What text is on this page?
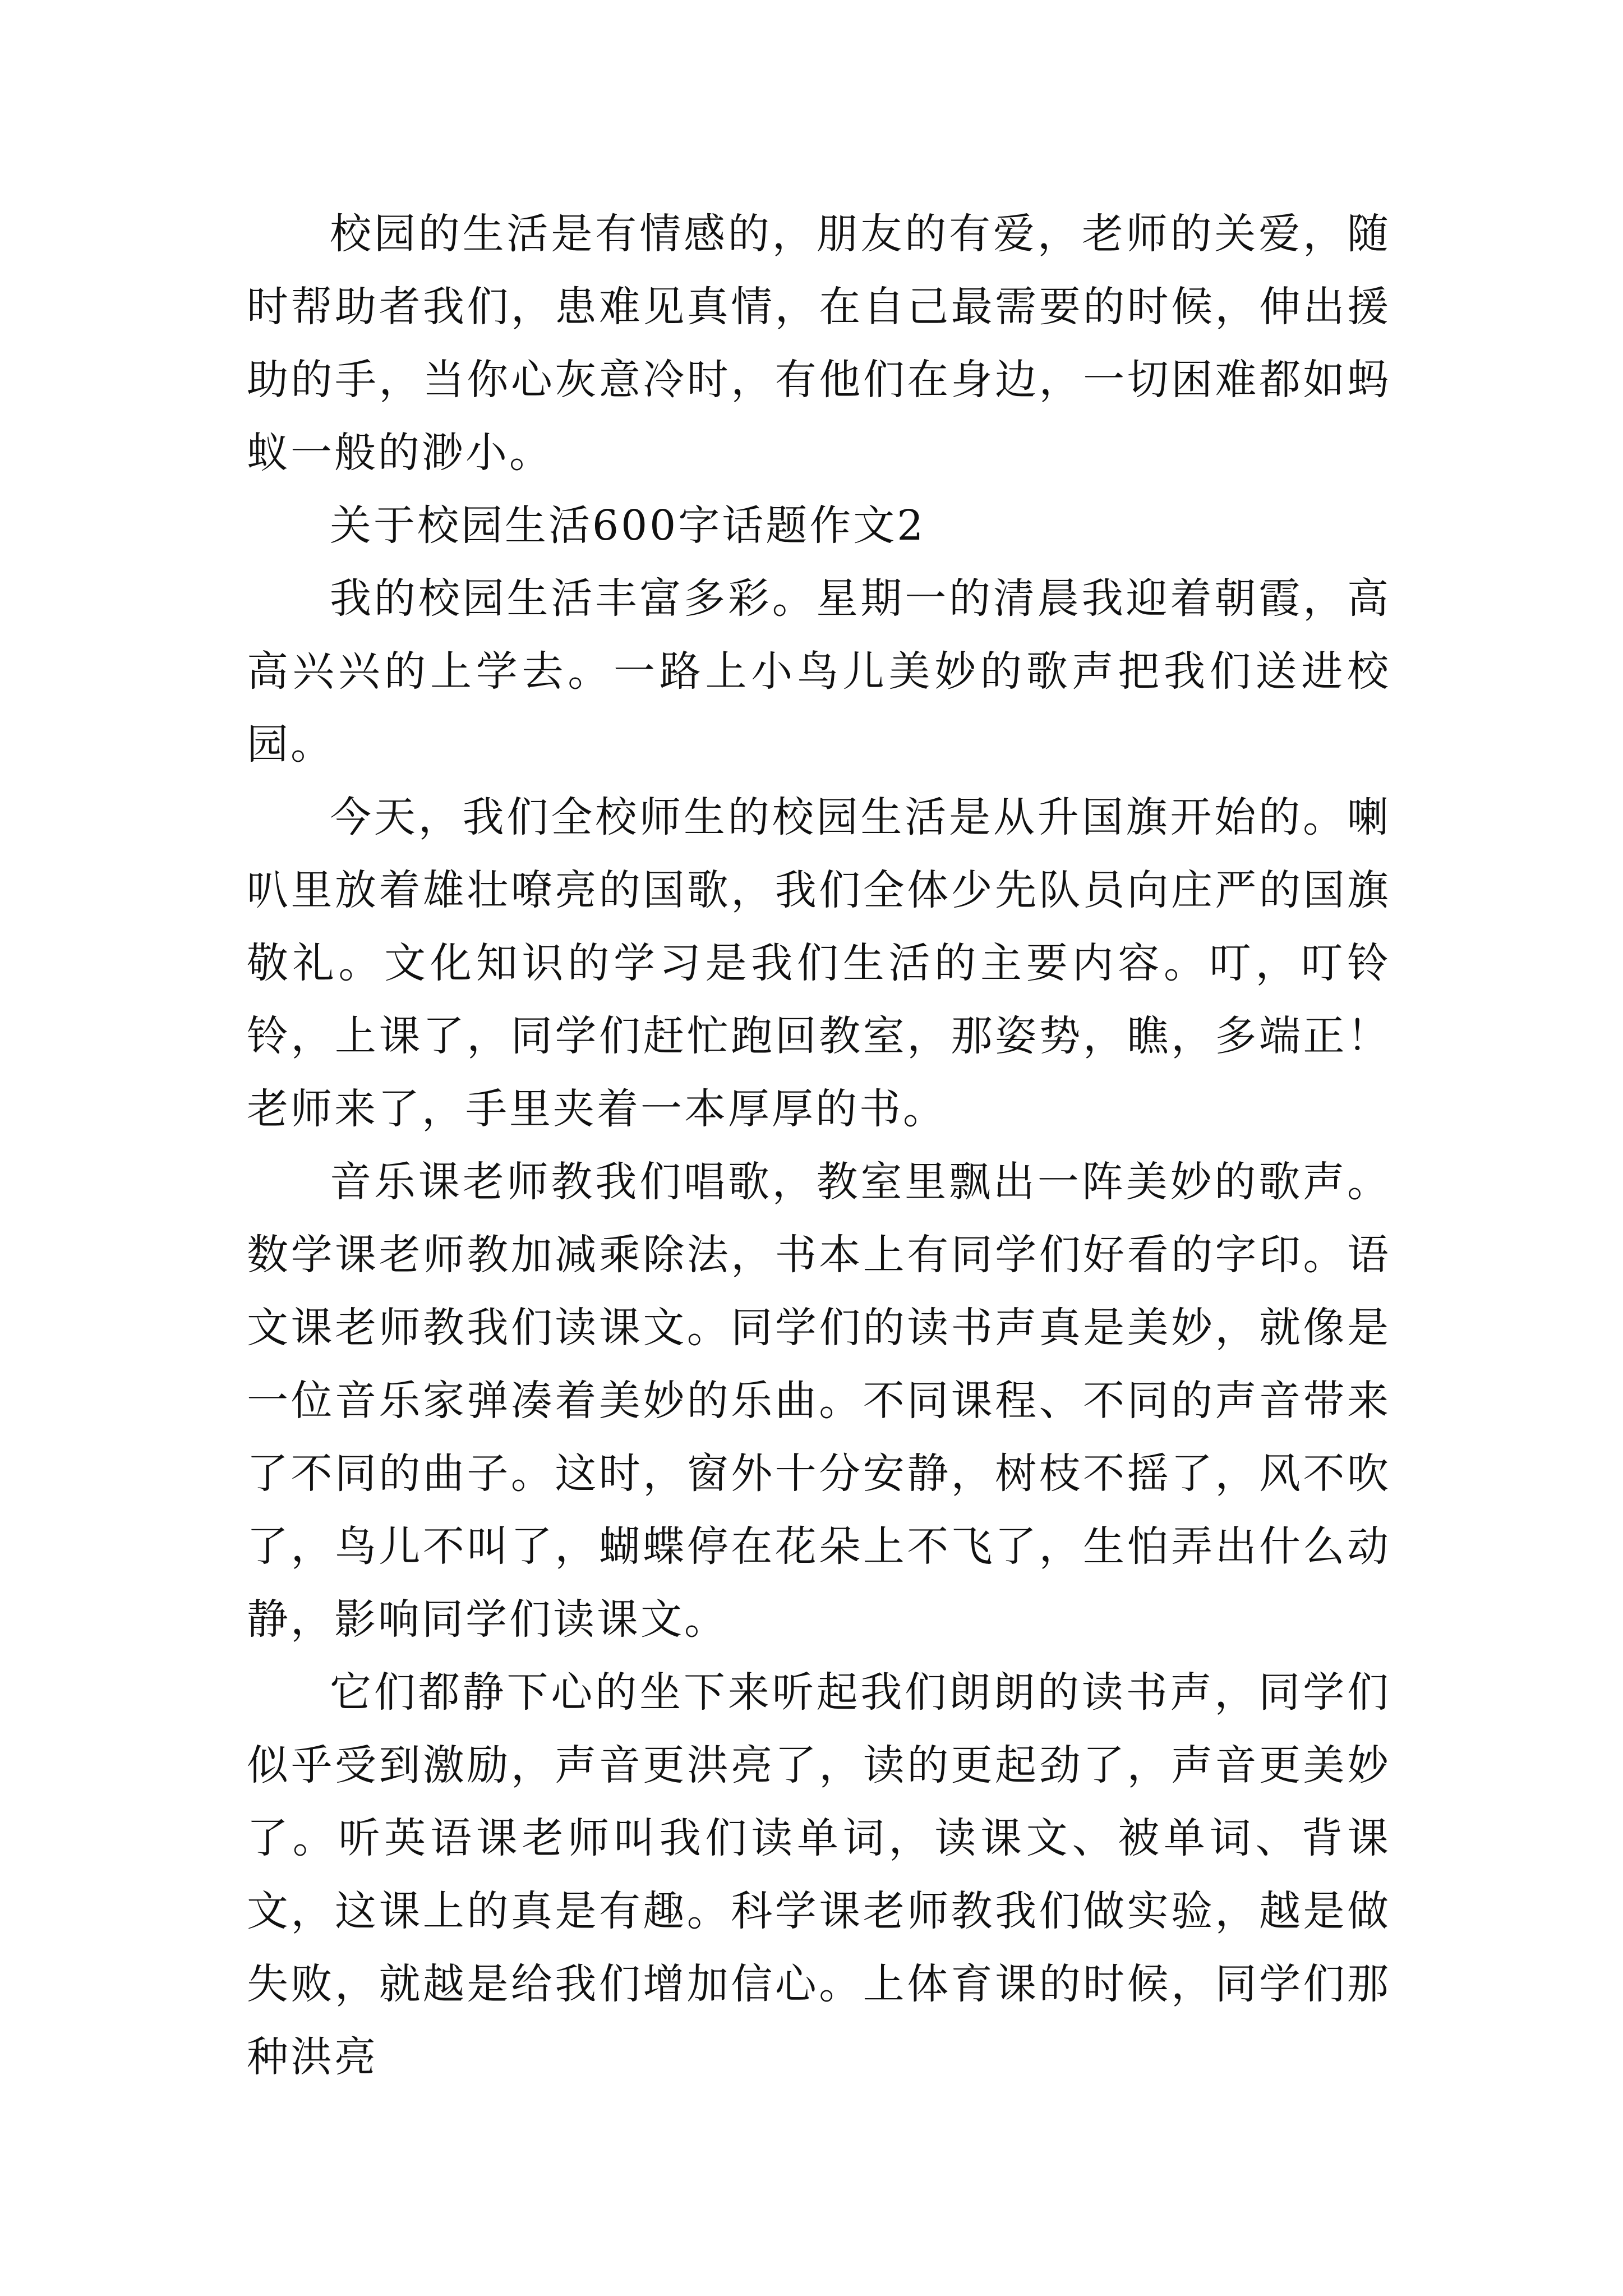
校园的生活是有情感的，朋友的有爱，老师的关爱，随时帮助者我们，患难见真情，在自己最需要的时候，伸出援助的手，当你心灰意冷时，有他们在身边，一切困难都如蚂蚁一般的渺小。

关于校园生活600字话题作文2

我的校园生活丰富多彩。星期一的清晨我迎着朝霞，高高兴兴的上学去。一路上小鸟儿美妙的歌声把我们送进校园。

今天，我们全校师生的校园生活是从升国旗开始的。喇叭里放着雄壮嘹亮的国歌，我们全体少先队员向庄严的国旗敬礼。文化知识的学习是我们生活的主要内容。叮，叮铃铃，上课了，同学们赶忙跑回教室，那姿势，瞧，多端正！老师来了，手里夹着一本厚厚的书。

音乐课老师教我们唱歌，教室里飘出一阵美妙的歌声。数学课老师教加减乘除法，书本上有同学们好看的字印。语文课老师教我们读课文。同学们的读书声真是美妙，就像是一位音乐家弹凑着美妙的乐曲。不同课程、不同的声音带来了不同的曲子。这时，窗外十分安静，树枝不摇了，风不吹了，鸟儿不叫了，蝴蝶停在花朵上不飞了，生怕弄出什么动静，影响同学们读课文。

它们都静下心的坐下来听起我们朗朗的读书声，同学们似乎受到激励，声音更洪亮了，读的更起劲了，声音更美妙了。听英语课老师叫我们读单词，读课文、被单词、背课文，这课上的真是有趣。科学课老师教我们做实验，越是做失败，就越是给我们增加信心。上体育课的时候，同学们那种洪亮
